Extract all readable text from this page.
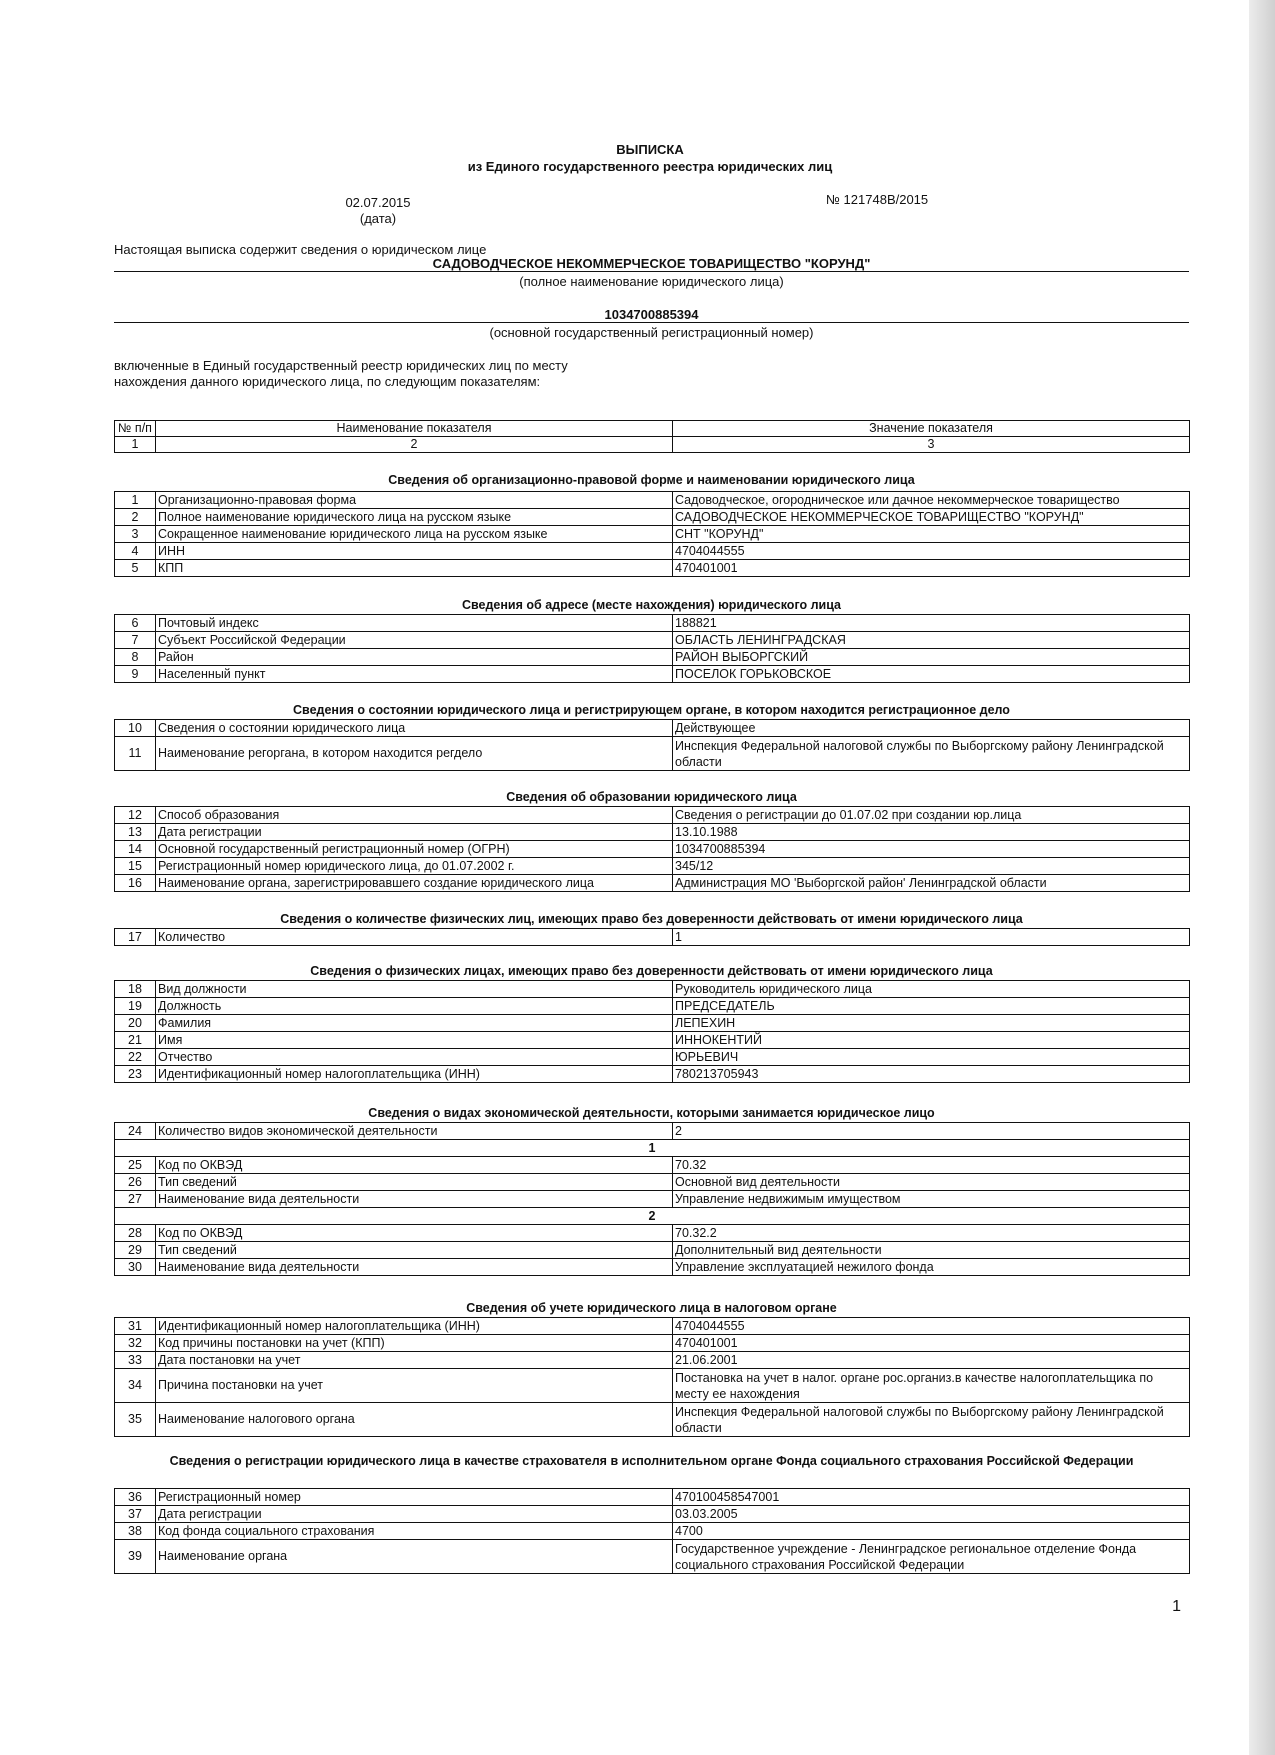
ВЫПИСКА
из Единого государственного реестра юридических лиц
02.07.2015
(дата)
№ 121748В/2015
Настоящая выписка содержит сведения о юридическом лице
САДОВОДЧЕСКОЕ НЕКОММЕРЧЕСКОЕ ТОВАРИЩЕСТВО "КОРУНД"
(полное наименование юридического лица)
1034700885394
(основной государственный регистрационный номер)
включенные в Единый государственный реестр юридических лиц по месту
нахождения данного юридического лица, по следующим показателям:
№ п/п	Наименование показателя	Значение показателя
1	2	3
Сведения об организационно-правовой форме и наименовании юридического лица
1	Организационно-правовая форма	Садоводческое, огородническое или дачное некоммерческое товарищество
2	Полное наименование юридического лица на русском языке	САДОВОДЧЕСКОЕ НЕКОММЕРЧЕСКОЕ ТОВАРИЩЕСТВО "КОРУНД"
3	Сокращенное наименование юридического лица на русском языке	СНТ "КОРУНД"
4	ИНН	4704044555
5	КПП	470401001
Сведения об адресе (месте нахождения) юридического лица
6	Почтовый индекс	188821
7	Субъект Российской Федерации	ОБЛАСТЬ ЛЕНИНГРАДСКАЯ
8	Район	РАЙОН ВЫБОРГСКИЙ
9	Населенный пункт	ПОСЕЛОК ГОРЬКОВСКОЕ
Сведения о состоянии юридического лица и регистрирующем органе, в котором находится регистрационное дело
10	Сведения о состоянии юридического лица	Действующее
11	Наименование регоргана, в котором находится регдело	Инспекция Федеральной налоговой службы по Выборгскому району Ленинградской области
Сведения об образовании юридического лица
12	Способ образования	Сведения о регистрации до 01.07.02 при создании юр.лица
13	Дата регистрации	13.10.1988
14	Основной государственный регистрационный номер (ОГРН)	1034700885394
15	Регистрационный номер юридического лица, до 01.07.2002 г.	345/12
16	Наименование органа, зарегистрировавшего создание юридического лица	Администрация МО 'Выборгской район' Ленинградской области
Сведения о количестве физических лиц, имеющих право без доверенности действовать от имени юридического лица
17	Количество	1
Сведения о физических лицах, имеющих право без доверенности действовать от имени юридического лица
18	Вид должности	Руководитель юридического лица
19	Должность	ПРЕДСЕДАТЕЛЬ
20	Фамилия	ЛЕПЕХИН
21	Имя	ИННОКЕНТИЙ
22	Отчество	ЮРЬЕВИЧ
23	Идентификационный номер налогоплательщика (ИНН)	780213705943
Сведения о видах экономической деятельности, которыми занимается юридическое лицо
24	Количество видов экономической деятельности	2
1		
25	Код по ОКВЭД	70.32
26	Тип сведений	Основной вид деятельности
27	Наименование вида деятельности	Управление недвижимым имуществом
2		
28	Код по ОКВЭД	70.32.2
29	Тип сведений	Дополнительный вид деятельности
30	Наименование вида деятельности	Управление эксплуатацией нежилого фонда
Сведения об учете юридического лица в налоговом органе
31	Идентификационный номер налогоплательщика (ИНН)	4704044555
32	Код причины постановки на учет (КПП)	470401001
33	Дата постановки на учет	21.06.2001
34	Причина постановки на учет	Постановка на учет в налог. органе рос.организ.в качестве налогоплательщика по месту ее нахождения
35	Наименование налогового органа	Инспекция Федеральной налоговой службы по Выборгскому району Ленинградской области
Сведения о регистрации юридического лица в качестве страхователя в исполнительном органе Фонда социального страхования Российской Федерации
36	Регистрационный номер	470100458547001
37	Дата регистрации	03.03.2005
38	Код фонда социального страхования	4700
39	Наименование органа	Государственное учреждение - Ленинградское региональное отделение Фонда социального страхования Российской Федерации
1
